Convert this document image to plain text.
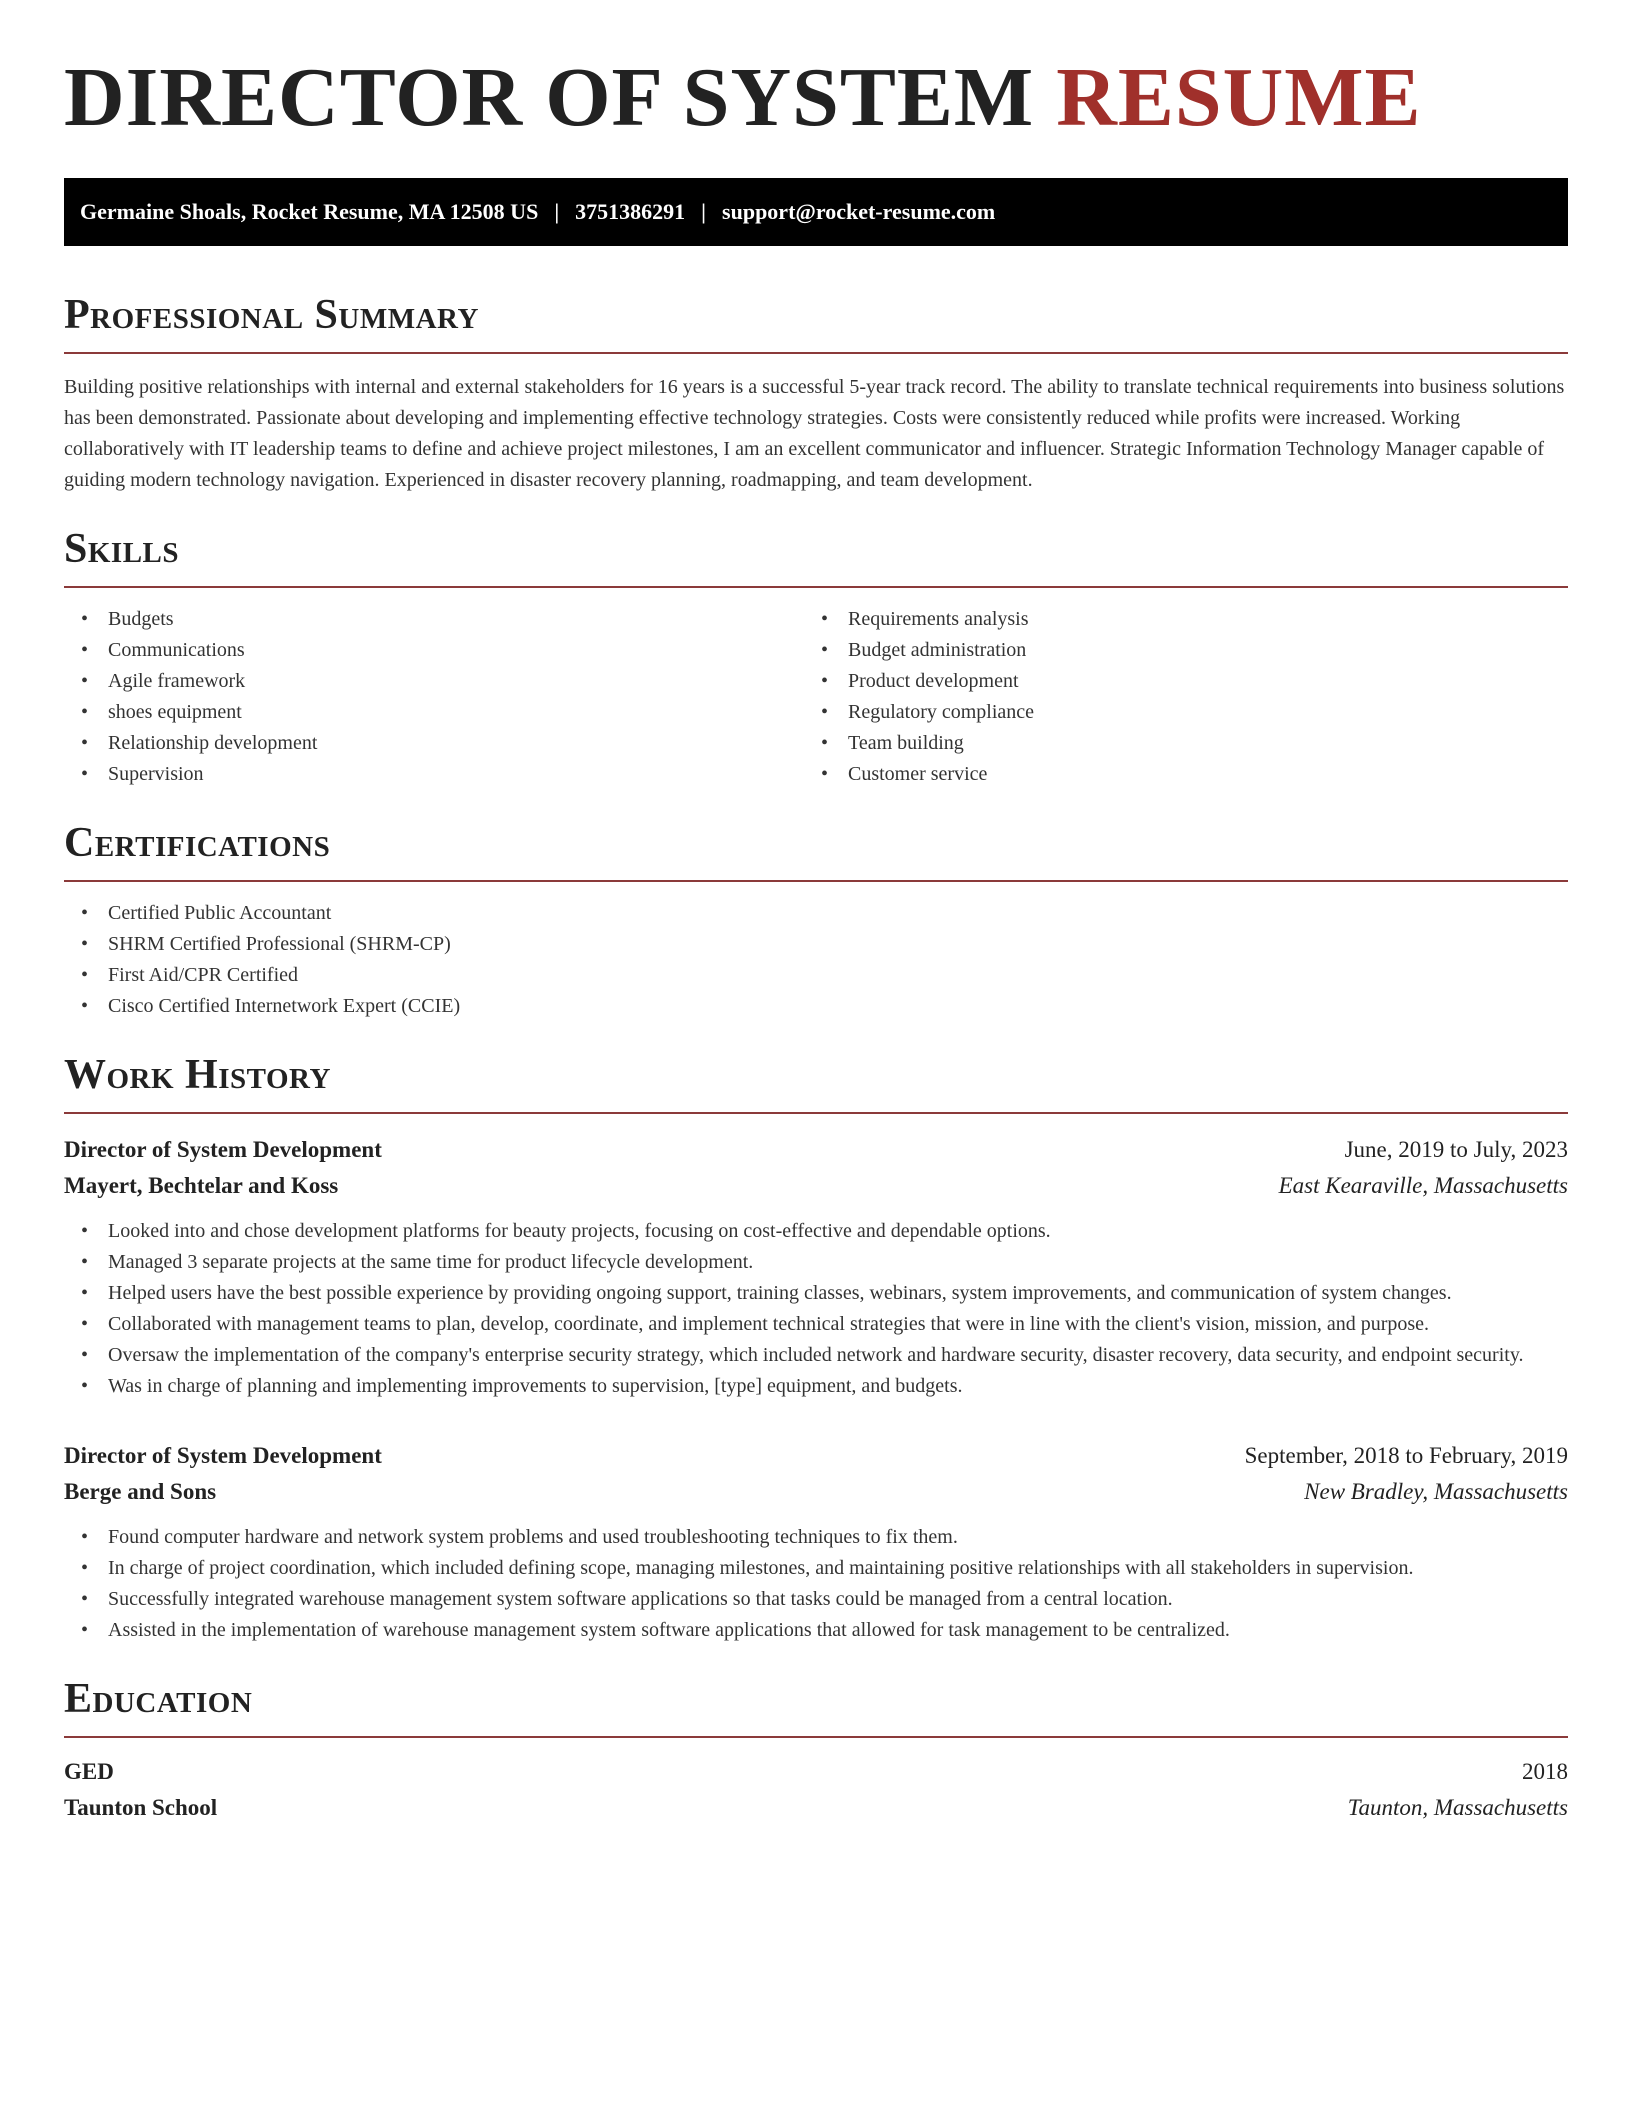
DIRECTOR OF SYSTEM RESUME
Germaine Shoals, Rocket Resume, MA 12508 US | 3751386291 | support@rocket-resume.com
Professional Summary

Building positive relationships with internal and external stakeholders for 16 years is a successful 5-year track record. The ability to translate technical requirements into business solutions has been demonstrated. Passionate about developing and implementing effective technology strategies. Costs were consistently reduced while profits were increased. Working collaboratively with IT leadership teams to define and achieve project milestones, I am an excellent communicator and influencer. Strategic Information Technology Manager capable of guiding modern technology navigation. Experienced in disaster recovery planning, roadmapping, and team development.

Skills
• Budgets
• Communications
• Agile framework
• shoes equipment
• Relationship development
• Supervision
• Requirements analysis
• Budget administration
• Product development
• Regulatory compliance
• Team building
• Customer service
Certifications
• Certified Public Accountant
• SHRM Certified Professional (SHRM-CP)
• First Aid/CPR Certified
• Cisco Certified Internetwork Expert (CCIE)
Work History
Director of System Development	June, 2019 to July, 2023
Mayert, Bechtelar and Koss	East Kearaville, Massachusetts
• Looked into and chose development platforms for beauty projects, focusing on cost-effective and dependable options.
• Managed 3 separate projects at the same time for product lifecycle development.
• Helped users have the best possible experience by providing ongoing support, training classes, webinars, system improvements, and communication of system changes.
• Collaborated with management teams to plan, develop, coordinate, and implement technical strategies that were in line with the client's vision, mission, and purpose.
• Oversaw the implementation of the company's enterprise security strategy, which included network and hardware security, disaster recovery, data security, and endpoint security.
• Was in charge of planning and implementing improvements to supervision, [type] equipment, and budgets.
Director of System Development	September, 2018 to February, 2019
Berge and Sons	New Bradley, Massachusetts
• Found computer hardware and network system problems and used troubleshooting techniques to fix them.
• In charge of project coordination, which included defining scope, managing milestones, and maintaining positive relationships with all stakeholders in supervision.
• Successfully integrated warehouse management system software applications so that tasks could be managed from a central location.
• Assisted in the implementation of warehouse management system software applications that allowed for task management to be centralized.
Education
GED	2018
Taunton School	Taunton, Massachusetts
